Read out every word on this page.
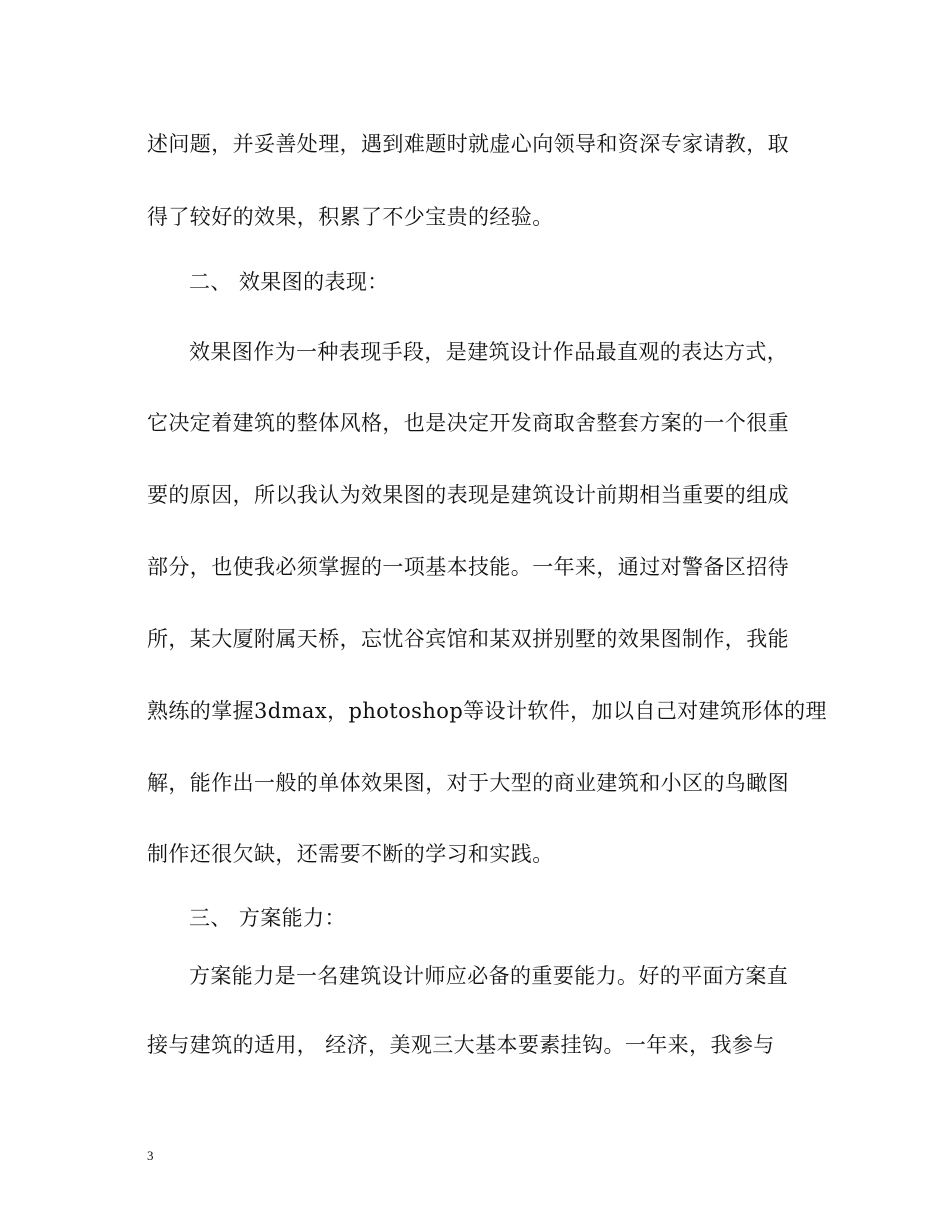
述问题，并妥善处理，遇到难题时就虚心向领导和资深专家请教，取
得了较好的效果，积累了不少宝贵的经验。
二、 效果图的表现：
效果图作为一种表现手段，是建筑设计作品最直观的表达方式，
它决定着建筑的整体风格，也是决定开发商取舍整套方案的一个很重
要的原因，所以我认为效果图的表现是建筑设计前期相当重要的组成
部分，也使我必须掌握的一项基本技能。一年来，通过对警备区招待
所，某大厦附属天桥，忘忧谷宾馆和某双拼别墅的效果图制作，我能
熟练的掌握3dmax，photoshop等设计软件，加以自己对建筑形体的理
解，能作出一般的单体效果图，对于大型的商业建筑和小区的鸟瞰图
制作还很欠缺，还需要不断的学习和实践。
三、 方案能力：
方案能力是一名建筑设计师应必备的重要能力。好的平面方案直
接与建筑的适用， 经济，美观三大基本要素挂钩。一年来，我参与
3
